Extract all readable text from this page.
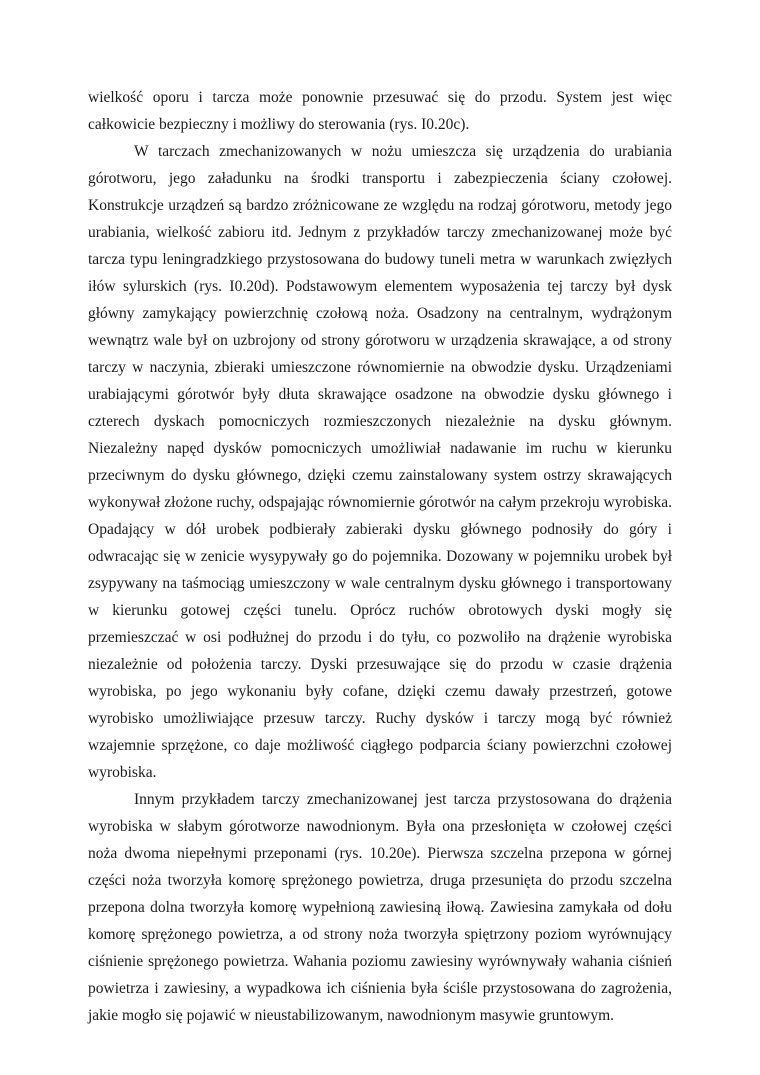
wielkość oporu i tarcza może ponownie przesuwać się do przodu. System jest więc całkowicie bezpieczny i możliwy do sterowania (rys. I0.20c).

W tarczach zmechanizowanych w nożu umieszcza się urządzenia do urabiania górotworu, jego załadunku na środki transportu i zabezpieczenia ściany czołowej. Konstrukcje urządzeń są bardzo zróżnicowane ze względu na rodzaj górotworu, metody jego urabiania, wielkość zabioru itd. Jednym z przykładów tarczy zmechanizowanej może być tarcza typu leningradzkiego przystosowana do budowy tuneli metra w warunkach zwięzłych iłów sylurskich (rys. I0.20d). Podstawowym elementem wyposażenia tej tarczy był dysk główny zamykający powierzchnię czołową noża. Osadzony na centralnym, wydrążonym wewnątrz wale był on uzbrojony od strony górotworu w urządzenia skrawające, a od strony tarczy w naczynia, zbieraki umieszczone równomiernie na obwodzie dysku. Urządzeniami urabiającymi górotwór były dłuta skrawające osadzone na obwodzie dysku głównego i czterech dyskach pomocniczych rozmieszczonych niezależnie na dysku głównym. Niezależny napęd dysków pomocniczych umożliwiał nadawanie im ruchu w kierunku przeciwnym do dysku głównego, dzięki czemu zainstalowany system ostrzy skrawających wykonywał złożone ruchy, odspajając równomiernie górotwór na całym przekroju wyrobiska. Opadający w dół urobek podbierały zabieraki dysku głównego podnosiły do góry i odwracając się w zenicie wysypywały go do pojemnika. Dozowany w pojemniku urobek był zsypywany na taśmociąg umieszczony w wale centralnym dysku głównego i transportowany w kierunku gotowej części tunelu. Oprócz ruchów obrotowych dyski mogły się przemieszczać w osi podłużnej do przodu i do tyłu, co pozwoliło na drążenie wyrobiska niezależnie od położenia tarczy. Dyski przesuwające się do przodu w czasie drążenia wyrobiska, po jego wykonaniu były cofane, dzięki czemu dawały przestrzeń, gotowe wyrobisko umożliwiające przesuw tarczy. Ruchy dysków i tarczy mogą być również wzajemnie sprzężone, co daje możliwość ciągłego podparcia ściany powierzchni czołowej wyrobiska.

Innym przykładem tarczy zmechanizowanej jest tarcza przystosowana do drążenia wyrobiska w słabym górotworze nawodnionym. Była ona przesłonięta w czołowej części noża dwoma niepełnymi przeponami (rys. 10.20e). Pierwsza szczelna przepona w górnej części noża tworzyła komorę sprężonego powietrza, druga przesunięta do przodu szczelna przepona dolna tworzyła komorę wypełnioną zawiesiną iłową. Zawiesina zamykała od dołu komorę sprężonego powietrza, a od strony noża tworzyła spiętrzony poziom wyrównujący ciśnienie sprężonego powietrza. Wahania poziomu zawiesiny wyrównywały wahania ciśnień powietrza i zawiesiny, a wypadkowa ich ciśnienia była ściśle przystosowana do zagrożenia, jakie mogło się pojawić w nieustabilizowanym, nawodnionym masywie gruntowym.
